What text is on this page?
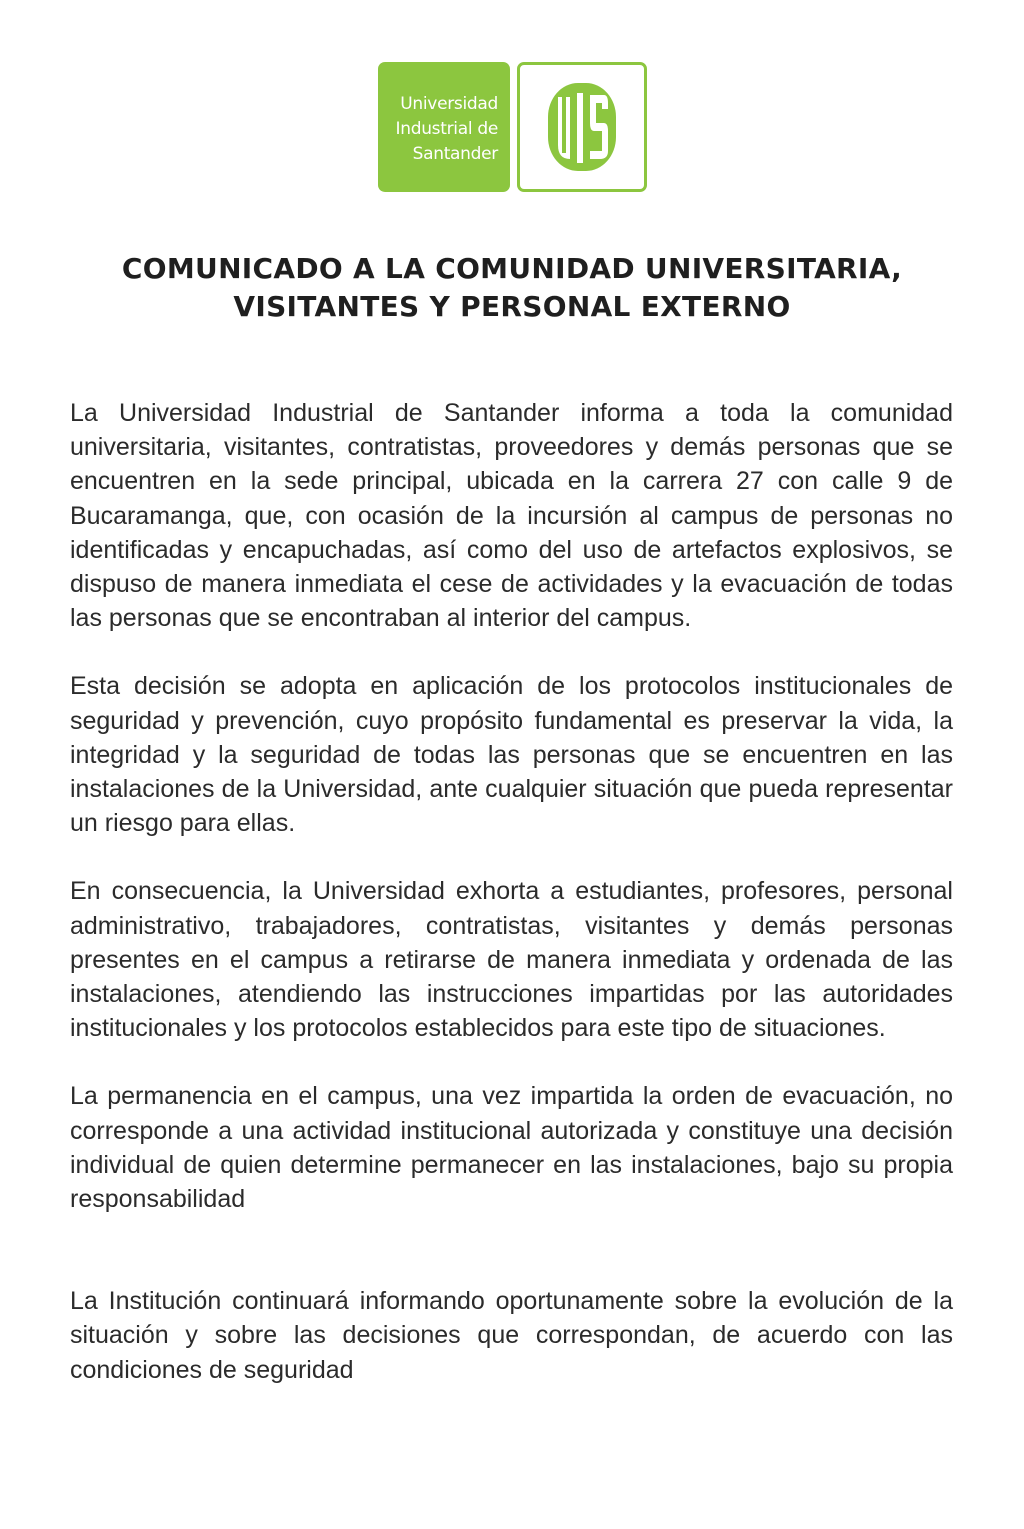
Universidad
Industrial de
Santander
COMUNICADO A LA COMUNIDAD UNIVERSITARIA,
VISITANTES Y PERSONAL EXTERNO

La Universidad Industrial de Santander informa a toda la comunidad universitaria, visitantes, contratistas, proveedores y demás personas que se encuentren en la sede principal, ubicada en la carrera 27 con calle 9 de Bucaramanga, que, con ocasión de la incursión al campus de personas no identificadas y encapuchadas, así como del uso de artefactos explosivos, se dispuso de manera inmediata el cese de actividades y la evacuación de todas las personas que se encontraban al interior del campus.

Esta decisión se adopta en aplicación de los protocolos institucionales de seguridad y prevención, cuyo propósito fundamental es preservar la vida, la integridad y la seguridad de todas las personas que se encuentren en las instalaciones de la Universidad, ante cualquier situación que pueda representar un riesgo para ellas.

En consecuencia, la Universidad exhorta a estudiantes, profesores, personal administrativo, trabajadores, contratistas, visitantes y demás personas presentes en el campus a retirarse de manera inmediata y ordenada de las instalaciones, atendiendo las instrucciones impartidas por las autoridades institucionales y los protocolos establecidos para este tipo de situaciones.

La permanencia en el campus, una vez impartida la orden de evacuación, no corresponde a una actividad institucional autorizada y constituye una decisión individual de quien determine permanecer en las instalaciones, bajo su propia responsabilidad

La Institución continuará informando oportunamente sobre la evolución de la situación y sobre las decisiones que correspondan, de acuerdo con las condiciones de seguridad
